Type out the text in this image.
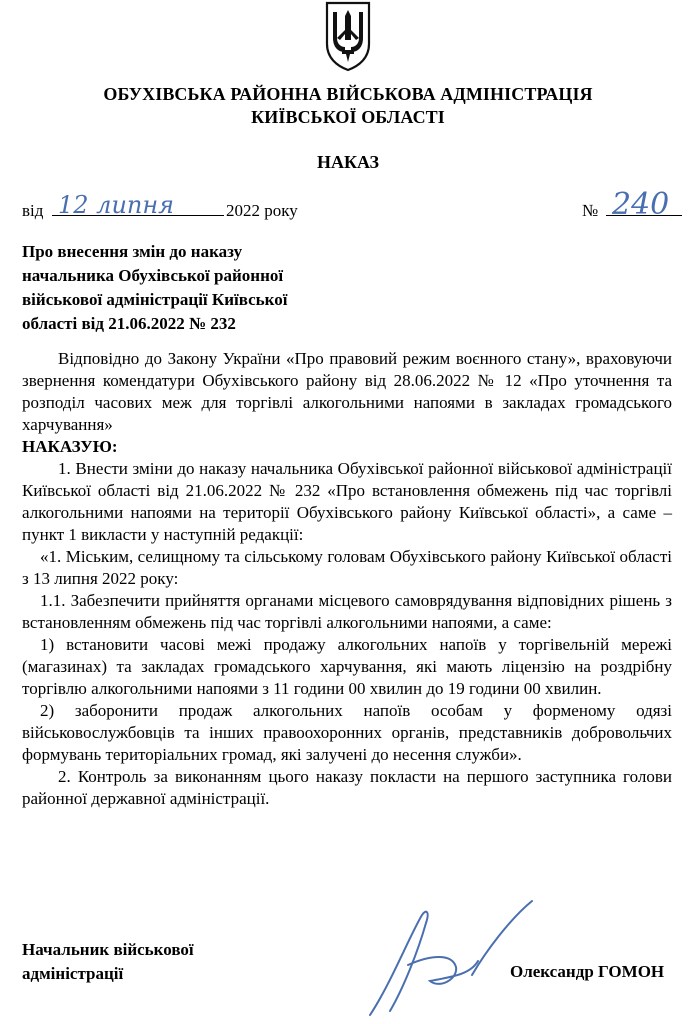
ОБУХІВСЬКА РАЙОННА ВІЙСЬКОВА АДМІНІСТРАЦІЯ
КИЇВСЬКОЇ ОБЛАСТІ
НАКАЗ
від 12 липня	2022 року	№ 240
Про внесення змін до наказу начальника Обухівської районної військової адміністрації Київської області від 21.06.2022 № 232

Відповідно до Закону України «Про правовий режим воєнного стану», враховуючи звернення комендатури Обухівського району від 28.06.2022 № 12 «Про уточнення та розподіл часових меж для торгівлі алкогольними напоями в закладах громадського харчування»

НАКАЗУЮ:

1. Внести зміни до наказу начальника Обухівської районної військової адміністрації Київської області від 21.06.2022 № 232 «Про встановлення обмежень під час торгівлі алкогольними напоями на території Обухівського району Київської області», а саме – пункт 1 викласти у наступній редакції:

«1. Міським, селищному та сільському головам Обухівського району Київської області з 13 липня 2022 року:

1.1. Забезпечити прийняття органами місцевого самоврядування відповідних рішень з встановленням обмежень під час торгівлі алкогольними напоями, а саме:

1) встановити часові межі продажу алкогольних напоїв у торгівельній мережі (магазинах) та закладах громадського харчування, які мають ліцензію на роздрібну торгівлю алкогольними напоями з 11 години 00 хвилин до 19 години 00 хвилин.

2) заборонити продаж алкогольних напоїв особам у форменому одязі військовослужбовців та інших правоохоронних органів, представників добровольчих формувань територіальних громад, які залучені до несення служби».

2. Контроль за виконанням цього наказу покласти на першого заступника голови районної державної адміністрації.

Начальник військової
адміністрації	Олександр ГОМОН
